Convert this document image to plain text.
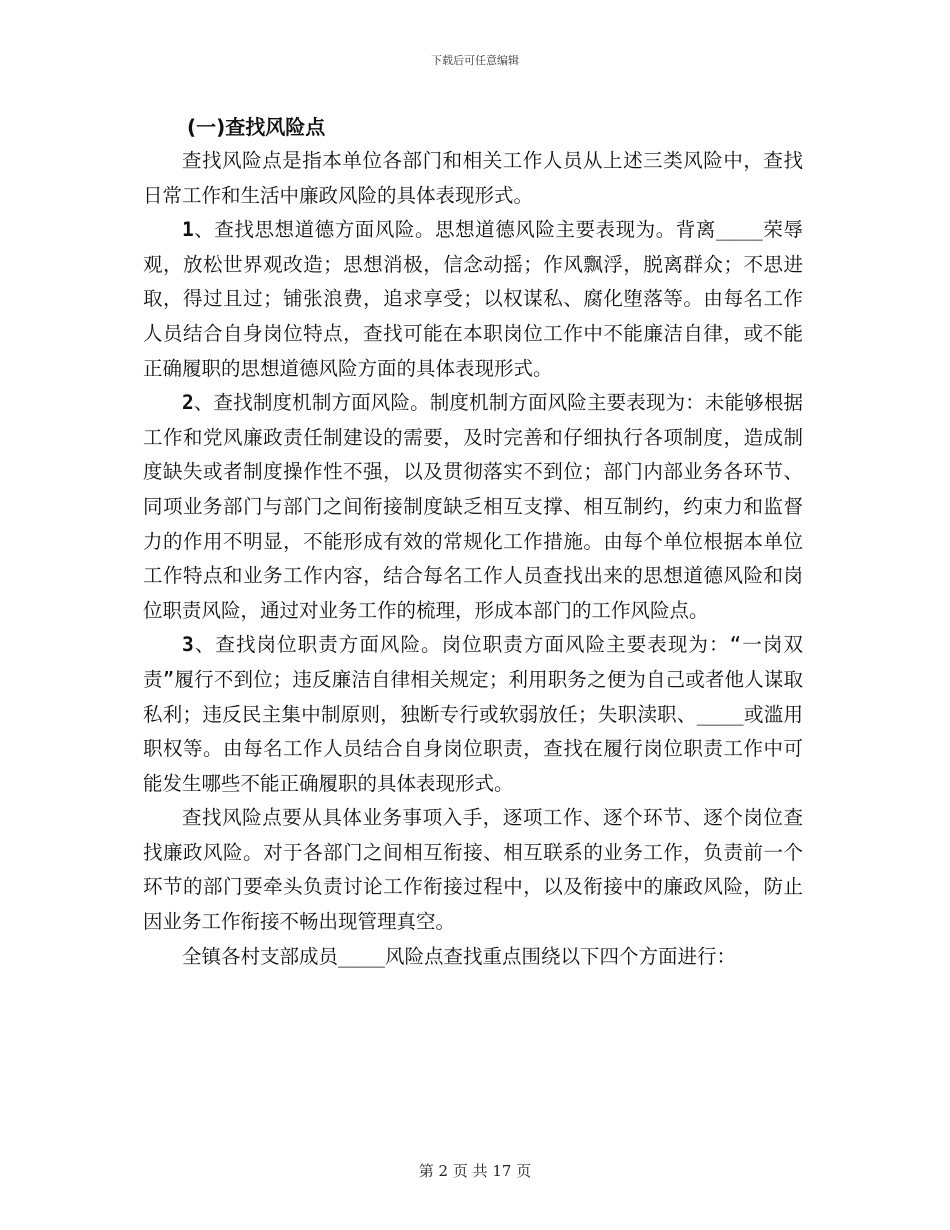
下载后可任意编辑

(一)查找风险点

查找风险点是指本单位各部门和相关工作人员从上述三类风险中，查找日常工作和生活中廉政风险的具体表现形式。

1、查找思想道德方面风险。思想道德风险主要表现为。背离____荣辱观，放松世界观改造；思想消极，信念动摇；作风飘浮，脱离群众；不思进取，得过且过；铺张浪费，追求享受；以权谋私、腐化堕落等。由每名工作人员结合自身岗位特点，查找可能在本职岗位工作中不能廉洁自律，或不能正确履职的思想道德风险方面的具体表现形式。

2、查找制度机制方面风险。制度机制方面风险主要表现为：未能够根据工作和党风廉政责任制建设的需要，及时完善和仔细执行各项制度，造成制度缺失或者制度操作性不强，以及贯彻落实不到位；部门内部业务各环节、同项业务部门与部门之间衔接制度缺乏相互支撑、相互制约，约束力和监督力的作用不明显，不能形成有效的常规化工作措施。由每个单位根据本单位工作特点和业务工作内容，结合每名工作人员查找出来的思想道德风险和岗位职责风险，通过对业务工作的梳理，形成本部门的工作风险点。

3、查找岗位职责方面风险。岗位职责方面风险主要表现为：“一岗双责”履行不到位；违反廉洁自律相关规定；利用职务之便为自己或者他人谋取私利；违反民主集中制原则，独断专行或软弱放任；失职渎职、____或滥用职权等。由每名工作人员结合自身岗位职责，查找在履行岗位职责工作中可能发生哪些不能正确履职的具体表现形式。

查找风险点要从具体业务事项入手，逐项工作、逐个环节、逐个岗位查找廉政风险。对于各部门之间相互衔接、相互联系的业务工作，负责前一个环节的部门要牵头负责讨论工作衔接过程中，以及衔接中的廉政风险，防止因业务工作衔接不畅出现管理真空。

全镇各村支部成员____风险点查找重点围绕以下四个方面进行：

第 2 页 共 17 页
